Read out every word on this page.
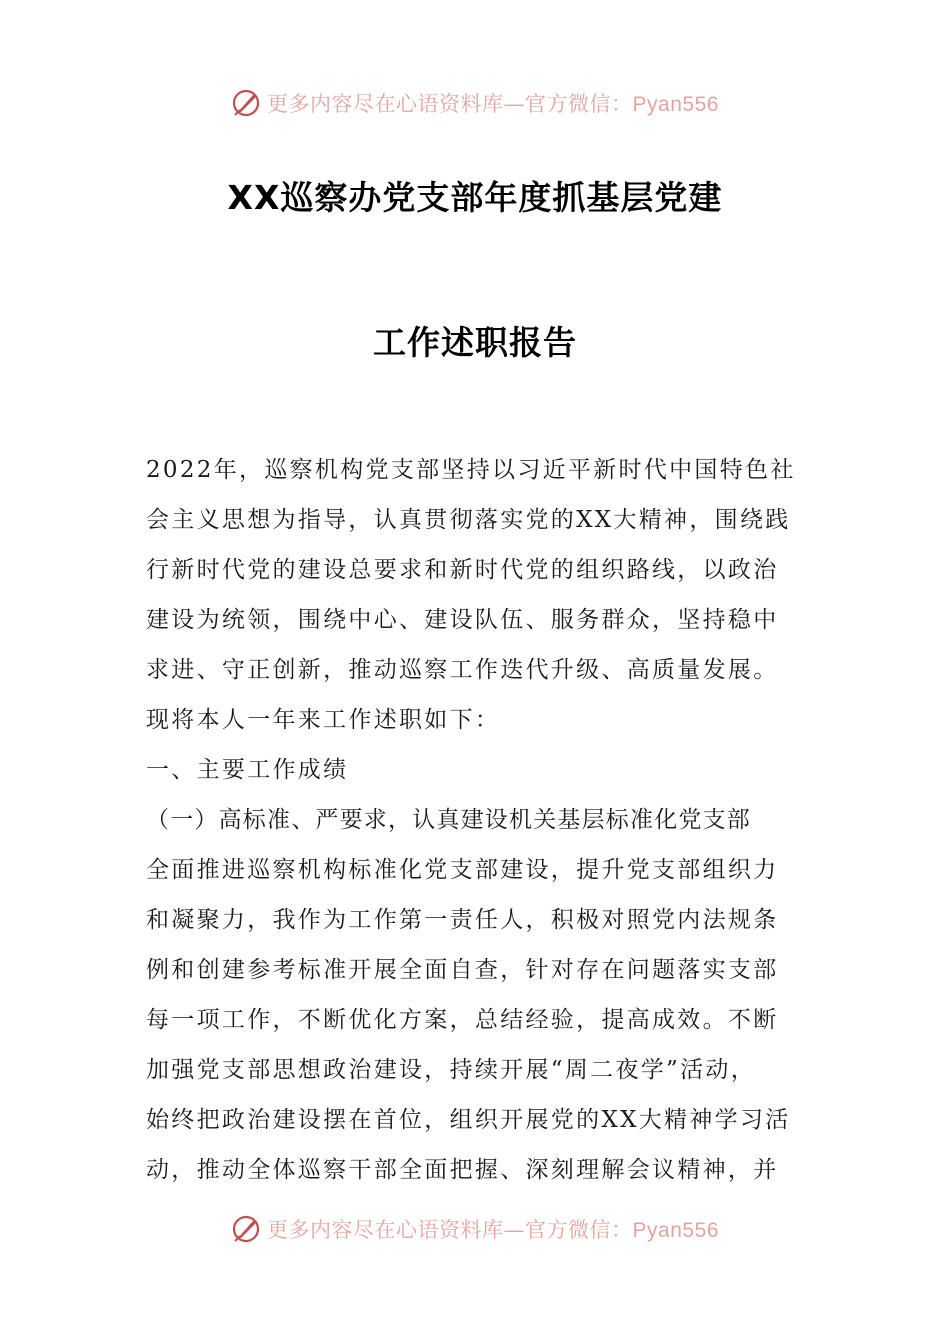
更多内容尽在心语资料库—官方微信：Pyan556
XX巡察办党支部年度抓基层党建
工作述职报告
2022年，巡察机构党支部坚持以习近平新时代中国特色社
会主义思想为指导，认真贯彻落实党的XX大精神，围绕践
行新时代党的建设总要求和新时代党的组织路线，以政治
建设为统领，围绕中心、建设队伍、服务群众，坚持稳中
求进、守正创新，推动巡察工作迭代升级、高质量发展。
现将本人一年来工作述职如下：
一、主要工作成绩
（一）高标准、严要求，认真建设机关基层标准化党支部
全面推进巡察机构标准化党支部建设，提升党支部组织力
和凝聚力，我作为工作第一责任人，积极对照党内法规条
例和创建参考标准开展全面自查，针对存在问题落实支部
每一项工作，不断优化方案，总结经验，提高成效。不断
加强党支部思想政治建设，持续开展“周二夜学”活动，
始终把政治建设摆在首位，组织开展党的XX大精神学习活
动，推动全体巡察干部全面把握、深刻理解会议精神，并
更多内容尽在心语资料库—官方微信：Pyan556
